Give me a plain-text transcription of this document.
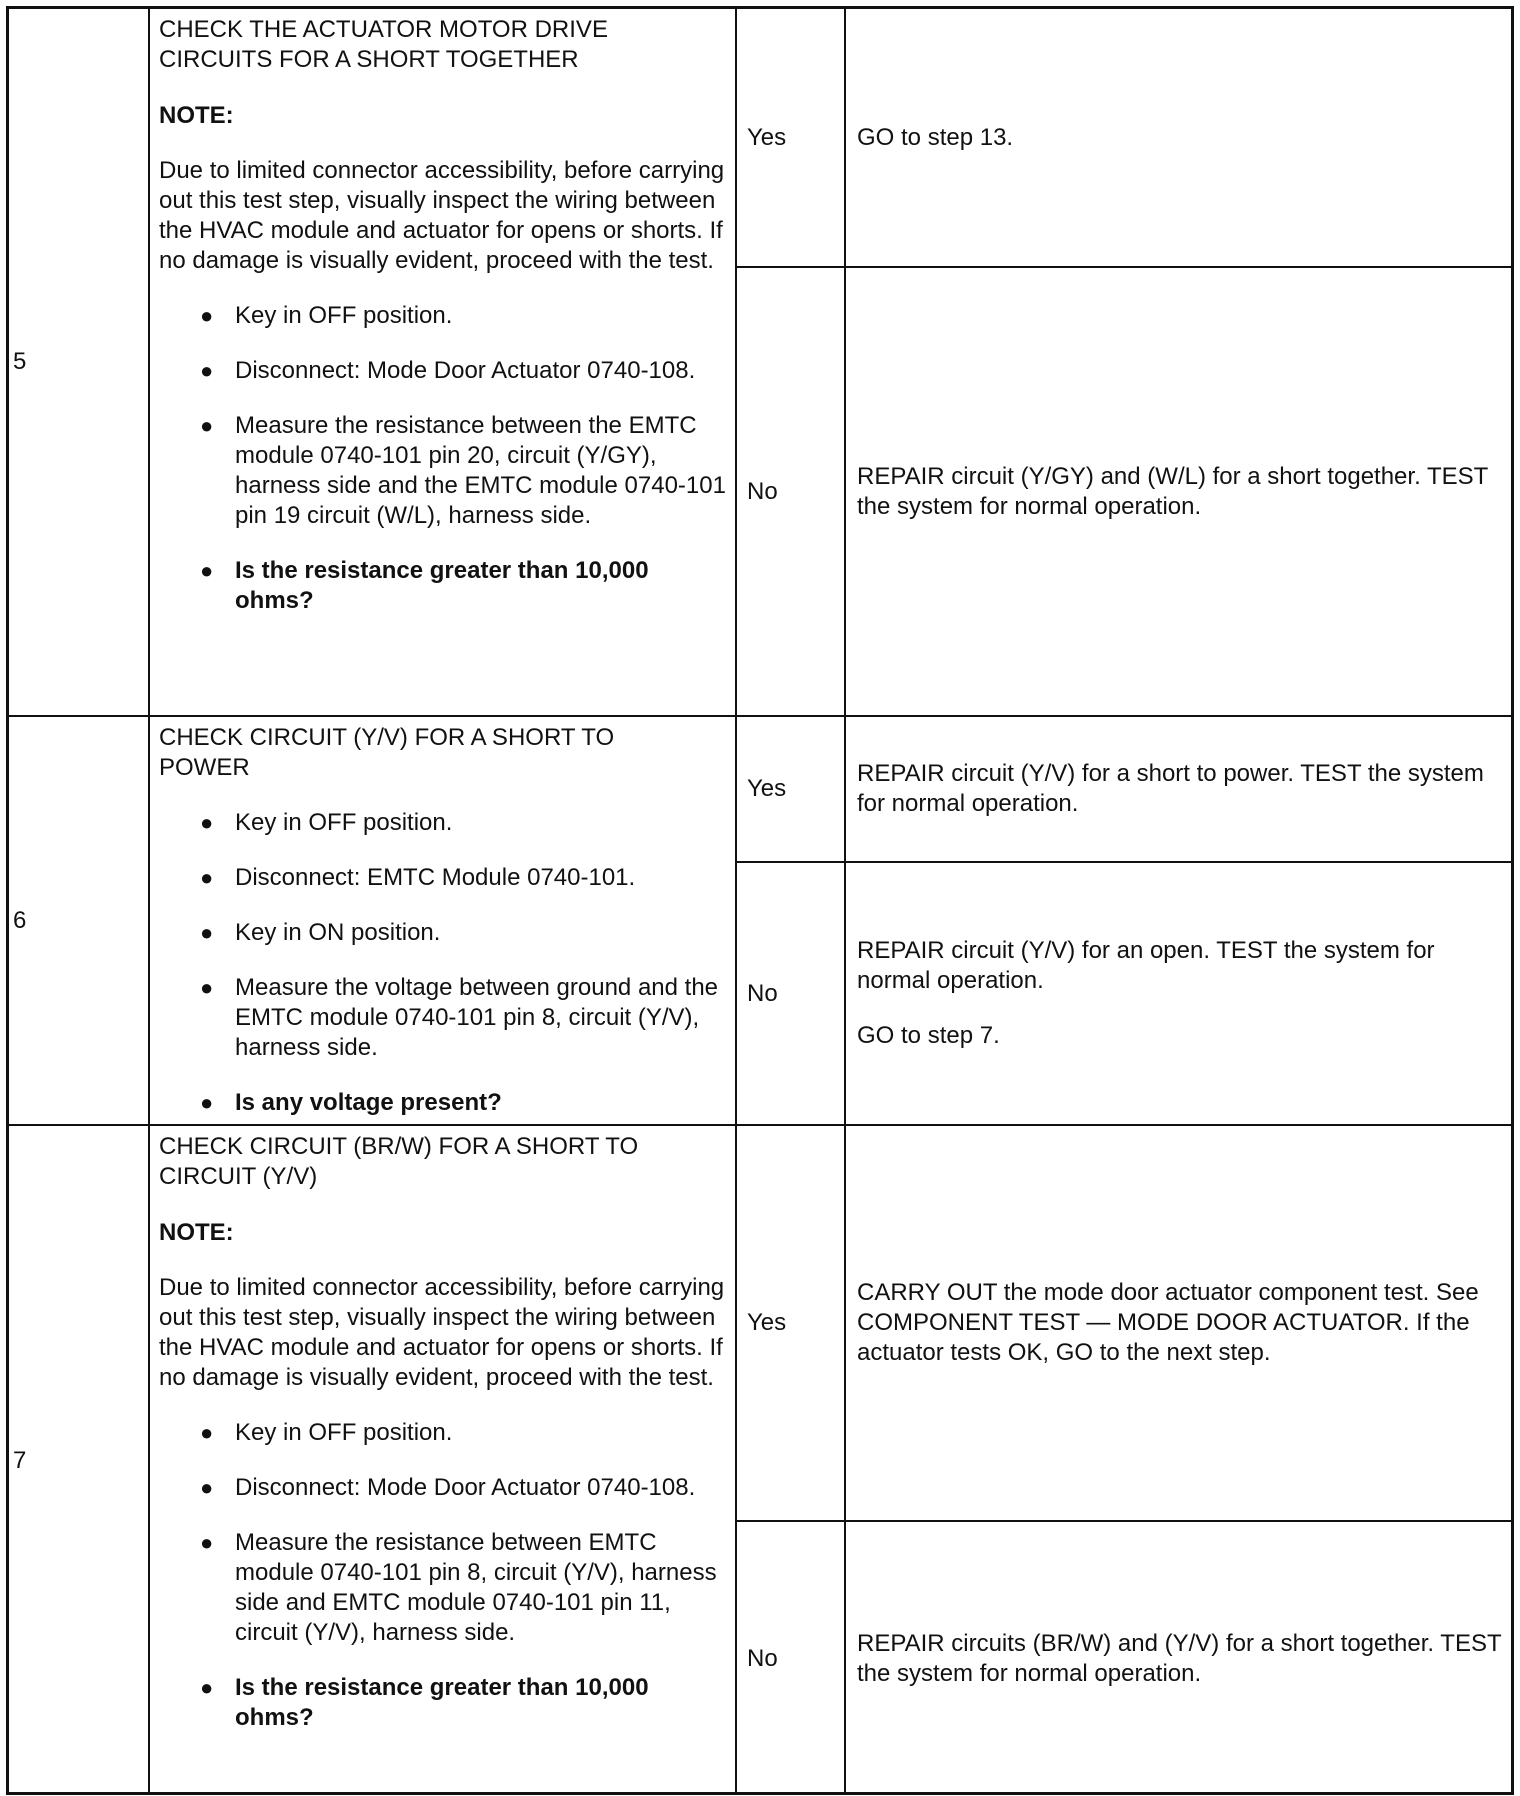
5

CHECK THE ACTUATOR MOTOR DRIVE
CIRCUITS FOR A SHORT TOGETHER

NOTE:

Due to limited connector accessibility, before carrying out this test step, visually inspect the wiring between the HVAC module and actuator for opens or shorts. If no damage is visually evident, proceed with the test.

● Key in OFF position.
● Disconnect: Mode Door Actuator 0740-108.
● Measure the resistance between the EMTC module 0740-101 pin 20, circuit (Y/GY), harness side and the EMTC module 0740-101 pin 19 circuit (W/L), harness side.
● Is the resistance greater than 10,000 ohms?
Yes	GO to step 13.

No

REPAIR circuit (Y/GY) and (W/L) for a short together. TEST the system for normal operation.

6

CHECK CIRCUIT (Y/V) FOR A SHORT TO
POWER

● Key in OFF position.
● Disconnect: EMTC Module 0740-101.
● Key in ON position.
● Measure the voltage between ground and the EMTC module 0740-101 pin 8, circuit (Y/V), harness side.
● Is any voltage present?
Yes

REPAIR circuit (Y/V) for a short to power. TEST the system for normal operation.

No

REPAIR circuit (Y/V) for an open. TEST the system for normal operation.

GO to step 7.

7

CHECK CIRCUIT (BR/W) FOR A SHORT TO
CIRCUIT (Y/V)

NOTE:

Due to limited connector accessibility, before carrying out this test step, visually inspect the wiring between the HVAC module and actuator for opens or shorts. If no damage is visually evident, proceed with the test.

● Key in OFF position.
● Disconnect: Mode Door Actuator 0740-108.
● Measure the resistance between EMTC module 0740-101 pin 8, circuit (Y/V), harness side and EMTC module 0740-101 pin 11, circuit (Y/V), harness side.
● Is the resistance greater than 10,000 ohms?
Yes

CARRY OUT the mode door actuator component test. See COMPONENT TEST — MODE DOOR ACTUATOR. If the actuator tests OK, GO to the next step.

No

REPAIR circuits (BR/W) and (Y/V) for a short together. TEST the system for normal operation.
